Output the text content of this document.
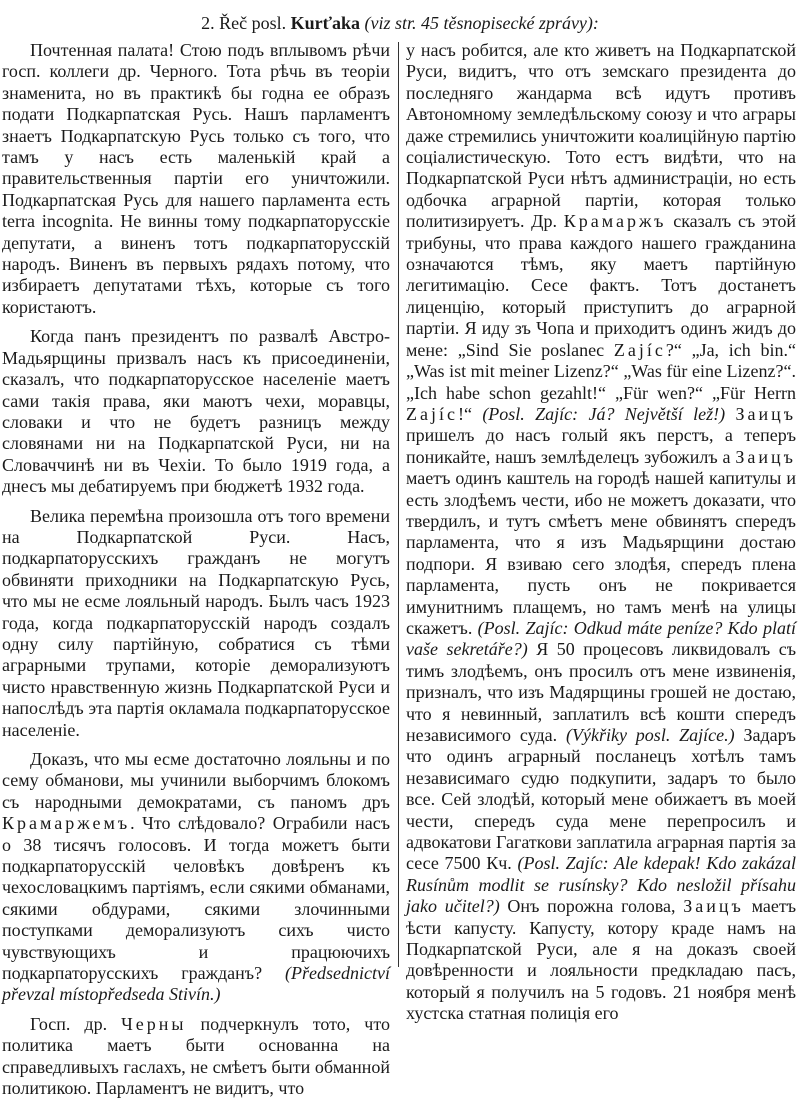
2. Řeč posl. Kurťaka (viz str. 45 těsnopisecké zprávy):

Почтенная палата! Стою подъ вплывомъ рѣчи госп. коллеги др. Черного. Тота рѣчь въ теоріи знаменита, но въ практикѣ бы годна ее образъ подати Подкарпатская Русь. Нашъ парламентъ знаетъ Подкарпатскую Русь только съ того, что тамъ у насъ есть маленькій край а правительственныя партіи его уничтожили. Подкарпатская Русь для нашего парламента есть terra incognita. Не винны тому подкарпаторусскіе депутати, а виненъ тотъ подкарпаторусскій народъ. Виненъ въ первыхъ рядахъ потому, что избираетъ депутатами тѣхъ, которые съ того користаютъ.

Когда панъ президентъ по развалѣ Австро-Мадьярщины призвалъ насъ къ присоединеніи, сказалъ, что подкарпаторусское населеніе маетъ сами такія права, яки маютъ чехи, моравцы, словаки и что не будетъ разницъ между словянами ни на Подкарпатской Руси, ни на Словаччинѣ ни въ Чехіи. То было 1919 года, а днесъ мы дебатируемъ при бюджетѣ 1932 года.

Велика перемѣна произошла отъ того времени на Подкарпатской Руси. Насъ, подкарпаторусскихъ гражданъ не могутъ обвиняти приходники на Подкарпатскую Русь, что мы не есме лояльный народъ. Былъ часъ 1923 года, когда подкарпаторусскій народъ создалъ одну силу партійную, собратися съ тѣми аграрными трупами, которіе деморализуютъ чисто нравственную жизнь Подкарпатской Руси и напослѣдъ эта партія окламала подкарпаторусское населеніе.

Доказъ, что мы есме достаточно лояльны и по сему обманови, мы учинили выборчимъ блокомъ съ народными демократами, съ паномъ дръ Крамаржемъ. Что слѣдовало? Ограбили насъ о 38 тисячъ голосовъ. И тогда можетъ быти подкарпаторусскій человѣкъ довѣренъ къ чехословацкимъ партіямъ, если сякими обманами, сякими обдурами, сякими злочинными поступками деморализуютъ сихъ чисто чувствующихъ и працюючихъ подкарпаторусскихъ гражданъ? (Předsednictví převzal místopředseda Stivín.)

Госп. др. Черны подчеркнулъ тото, что политика маетъ быти основанна на справедливыхъ гаслахъ, не смѣетъ быти обманной политикою. Парламентъ не видитъ, что

у насъ робится, але кто живетъ на Подкарпатской Руси, видитъ, что отъ земскаго президента до последнягo жандарма всѣ идутъ противъ Автономному земледѣльскому союзу и что аграры даже стремились уничтожити коалиційную партію соціалистическую. Тото естъ видѣти, что на Подкарпатской Руси нѣтъ администраціи, но есть одбочка аграрной партіи, которая только политизируетъ. Др. Крамаржъ сказалъ съ этой трибуны, что права каждого нашего гражданина означаются тѣмъ, яку маетъ партійную легитимацію. Сесе фактъ. Тотъ достанетъ лиценцію, который приступитъ до аграрной партіи. Я иду зъ Чопа и приходитъ одинъ жидъ до мене: „Sind Sie poslanec Zajíc?“ „Ja, ich bin.“ „Was ist mit meiner Lizenz?“ „Was für eine Lizenz?“. „Ich habe schon gezahlt!“ „Für wen?“ „Für Herrn Zajíc!“ (Posl. Zajíc: Já? Největší lež!) Заицъ пришелъ до насъ голый якъ перстъ, а теперъ поникайте, нашъ землѣделецъ зубожилъ а Заицъ маетъ одинъ каштель на городѣ нашей капитулы и есть злодѣемъ чести, ибо не можетъ доказати, что твердилъ, и тутъ смѣетъ мене обвинятъ спередъ парламента, что я изъ Мадьярщини достаю подпори. Я взиваю сего злодѣя, спередъ плена парламента, пусть онъ не покривается имунитнимъ плащемъ, но тамъ менѣ на улицы скажетъ. (Posl. Zajíc: Odkud máte peníze? Kdo platí vaše sekretáře?) Я 50 процесовъ ликвидовалъ съ тимъ злодѣемъ, онъ просилъ отъ мене извиненія, призналъ, что изъ Мадярщины грошей не достаю, что я невинный, заплатилъ всѣ кошти спередъ независимого суда. (Výkřiky posl. Zajíce.) Задаръ что одинъ аграрный посланецъ хотѣлъ тамъ независимаго судю подкупити, задаръ то было все. Сей злодѣй, который мене обижаетъ въ моей чести, спередъ суда мене перепросилъ и адвокатови Гагаткови заплатила аграрная партія за сесе 7500 Кч. (Posl. Zajíc: Ale kdepak! Kdo zakázal Rusínům modlit se rusínsky? Kdo nesložil přísahu jako učitel?) Онъ порожна голова, Заицъ маетъ ѣсти капусту. Капусту, котору краде намъ на Подкарпатской Руси, але я на доказъ своей довѣренности и лояльности предкладаю пасъ, который я получилъ на 5 годовъ. 21 ноября менѣ хустска статная полиція его
